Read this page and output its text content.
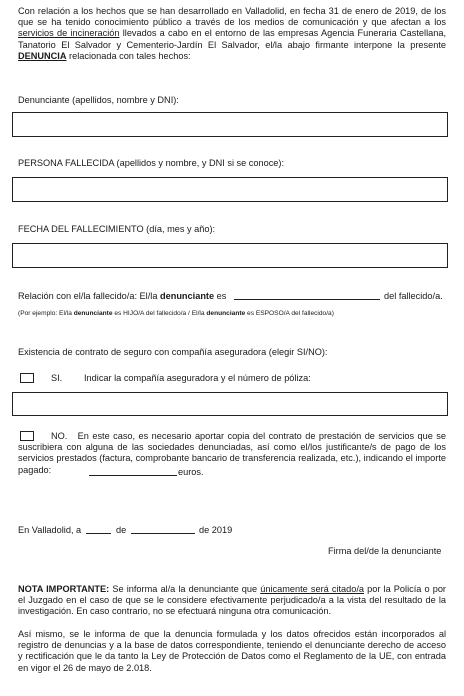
Con relación a los hechos que se han desarrollado en Valladolid, en fecha 31 de enero de 2019, de los que se ha tenido conocimiento público a través de los medios de comunicación y que afectan a los servicios de incineración llevados a cabo en el entorno de las empresas Agencia Funeraria Castellana, Tanatorio El Salvador y Cementerio-Jardín El Salvador, el/la abajo firmante interpone la presente DENUNCIA relacionada con tales hechos:
Denunciante (apellidos, nombre y DNI):
PERSONA FALLECIDA (apellidos y nombre, y DNI si se conoce):
FECHA DEL FALLECIMIENTO (día, mes y año):
Relación con el/la fallecido/a: El/la denunciante es	del fallecido/a.
(Por ejemplo: El/la denunciante es HIJO/A del fallecido/a / El/la denunciante es ESPOSO/A del fallecido/a)
Existencia de contrato de seguro con compañía aseguradora (elegir SI/NO):
SI. Indicar la compañía aseguradora y el número de póliza:
NO. En este caso, es necesario aportar copia del contrato de prestación de servicios que se suscribiera con alguna de las sociedades denunciadas, así como el/los justificante/s de pago de los servicios prestados (factura, comprobante bancario de transferencia realizada, etc.), indicando el importe pagado:	euros.
En Valladolid, a	de	de 2019
Firma del/de la denunciante
NOTA IMPORTANTE: Se informa al/a la denunciante que únicamente será citado/a por la Policía o por el Juzgado en el caso de que se le considere efectivamente perjudicado/a a la vista del resultado de la investigación. En caso contrario, no se efectuará ninguna otra comunicación.
Así mismo, se le informa de que la denuncia formulada y los datos ofrecidos están incorporados al registro de denuncias y a la base de datos correspondiente, teniendo el denunciante derecho de acceso y rectificación que le da tanto la Ley de Protección de Datos como el Reglamento de la UE, con entrada en vigor el 26 de mayo de 2.018.
